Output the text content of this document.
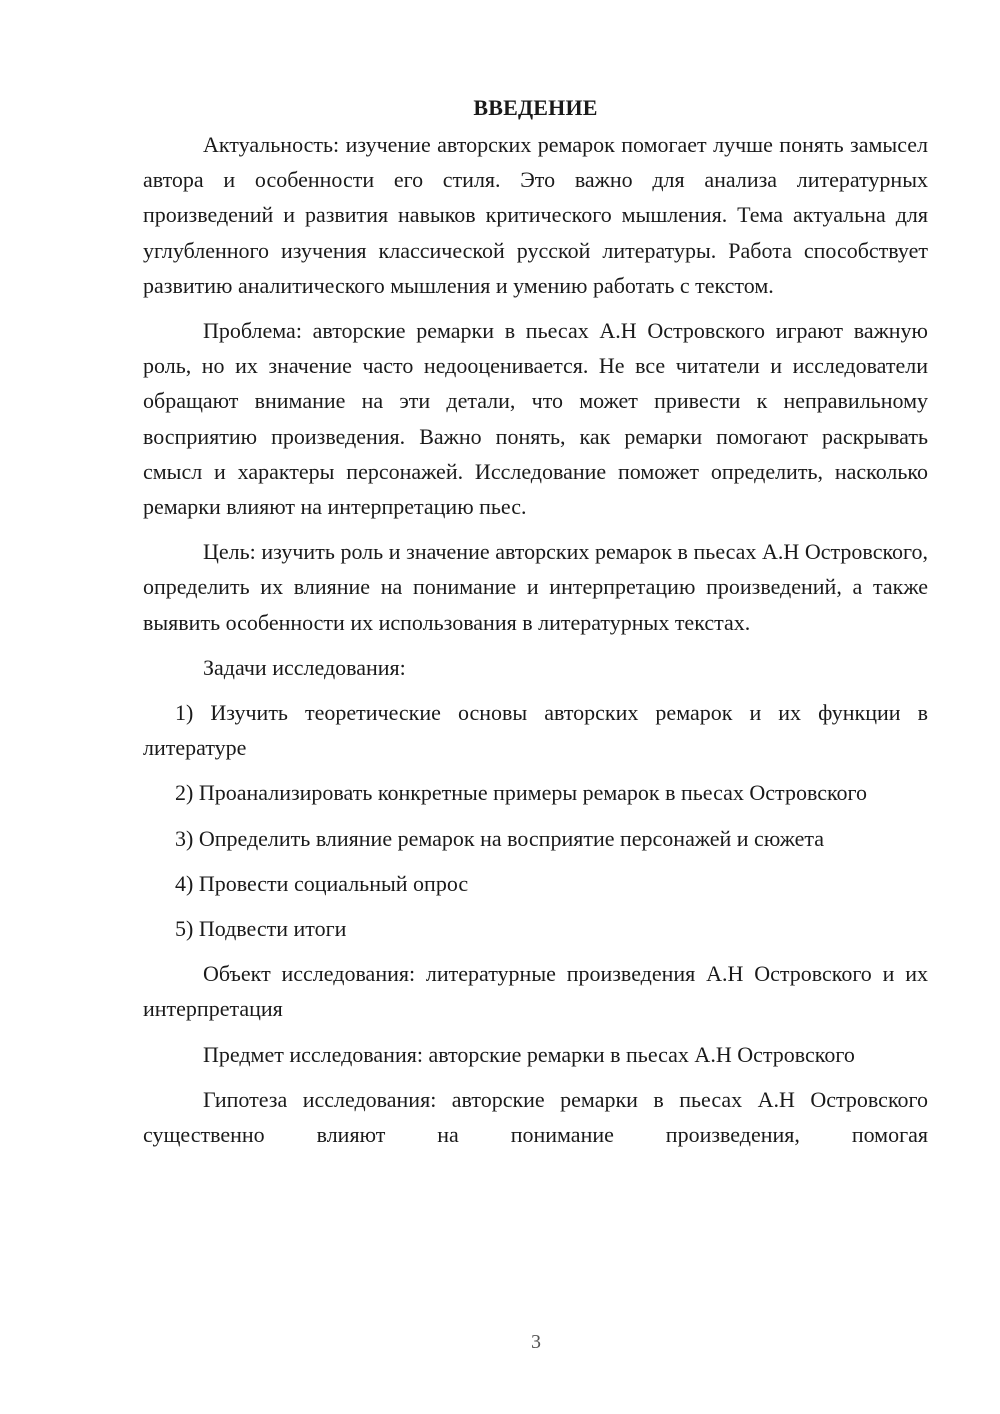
ВВЕДЕНИЕ

Актуальность: изучение авторских ремарок помогает лучше понять замысел автора и особенности его стиля. Это важно для анализа литературных произведений и развития навыков критического мышления. Тема актуальна для углубленного изучения классической русской литературы. Работа способствует развитию аналитического мышления и умению работать с текстом.

Проблема: авторские ремарки в пьесах А.Н Островского играют важную роль, но их значение часто недооценивается. Не все читатели и исследователи обращают внимание на эти детали, что может привести к неправильному восприятию произведения. Важно понять, как ремарки помогают раскрывать смысл и характеры персонажей. Исследование поможет определить, насколько ремарки влияют на интерпретацию пьес.

Цель: изучить роль и значение авторских ремарок в пьесах А.Н Островского, определить их влияние на понимание и интерпретацию произведений, а также выявить особенности их использования в литературных текстах.

Задачи исследования:

1) Изучить теоретические основы авторских ремарок и их функции в литературе

2) Проанализировать конкретные примеры ремарок в пьесах Островского

3) Определить влияние ремарок на восприятие персонажей и сюжета

4) Провести социальный опрос

5) Подвести итоги

Объект исследования: литературные произведения А.Н Островского и их интерпретация

Предмет исследования: авторские ремарки в пьесах А.Н Островского

Гипотеза исследования: авторские ремарки в пьесах А.Н Островского существенно влияют на понимание произведения, помогая

3
